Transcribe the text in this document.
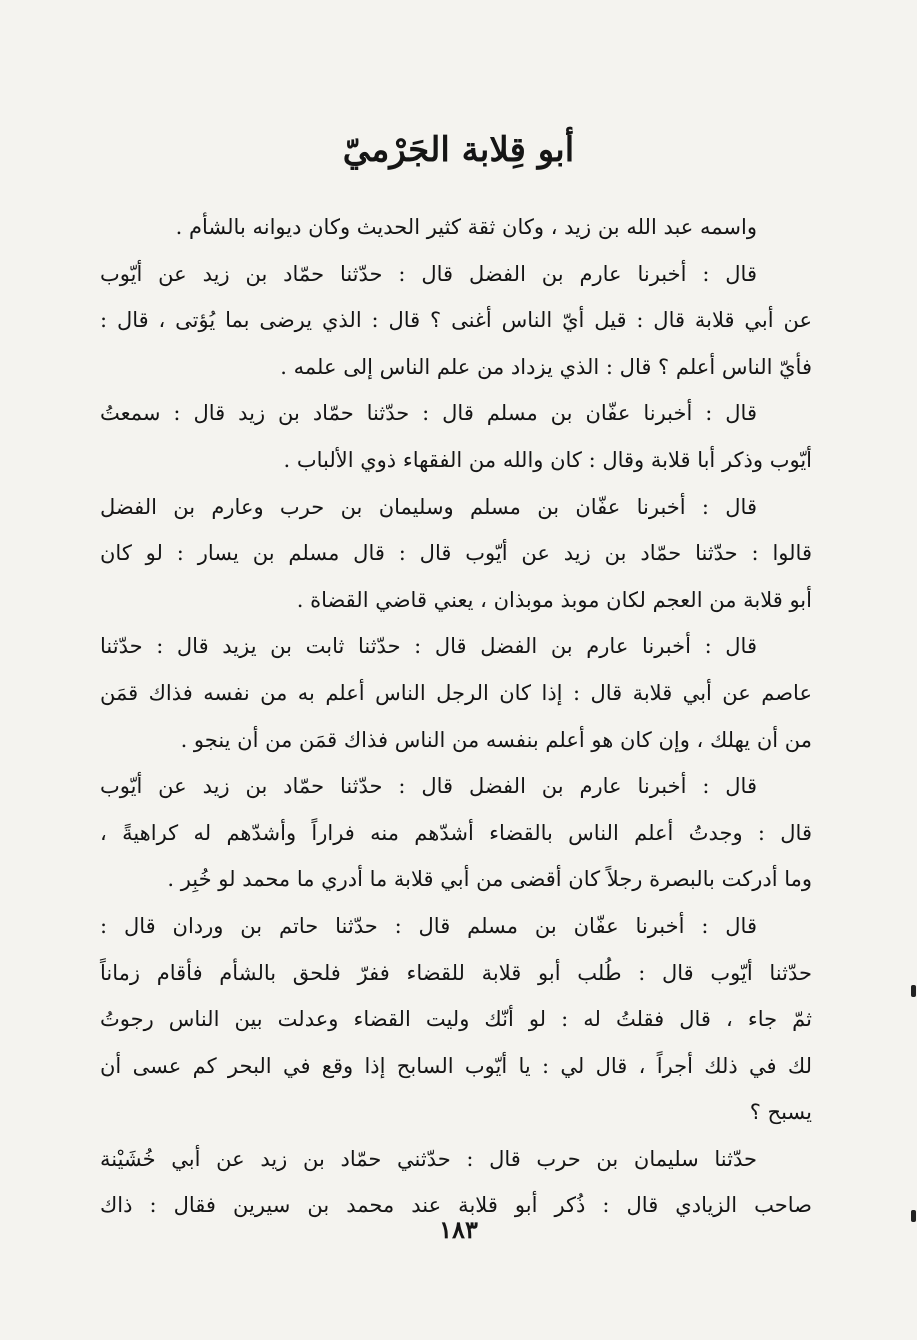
أبو قِلابة الجَرْميّ
واسمه عبد الله بن زيد ، وكان ثقة كثير الحديث وكان ديوانه بالشأم .
قال : أخبرنا عارم بن الفضل قال : حدّثنا حمّاد بن زيد عن أيّوب
عن أبي قلابة قال : قيل أيّ الناس أغنى ؟ قال : الذي يرضى بما يُؤتى ، قال :
فأيّ الناس أعلم ؟ قال : الذي يزداد من علم الناس إلى علمه .
قال : أخبرنا عفّان بن مسلم قال : حدّثنا حمّاد بن زيد قال : سمعتُ
أيّوب وذكر أبا قلابة وقال : كان والله من الفقهاء ذوي الألباب .
قال : أخبرنا عفّان بن مسلم وسليمان بن حرب وعارم بن الفضل
قالوا : حدّثنا حمّاد بن زيد عن أيّوب قال : قال مسلم بن يسار : لو كان
أبو قلابة من العجم لكان موبذ موبذان ، يعني قاضي القضاة .
قال : أخبرنا عارم بن الفضل قال : حدّثنا ثابت بن يزيد قال : حدّثنا
عاصم عن أبي قلابة قال : إذا كان الرجل الناس أعلم به من نفسه فذاك قمَن
من أن يهلك ، وإن كان هو أعلم بنفسه من الناس فذاك قمَن من أن ينجو .
قال : أخبرنا عارم بن الفضل قال : حدّثنا حمّاد بن زيد عن أيّوب
قال : وجدتُ أعلم الناس بالقضاء أشدّهم منه فراراً وأشدّهم له كراهيةً ،
وما أدركت بالبصرة رجلاً كان أقضى من أبي قلابة ما أدري ما محمد لو خُبِر .
قال : أخبرنا عفّان بن مسلم قال : حدّثنا حاتم بن وردان قال :
حدّثنا أيّوب قال : طُلب أبو قلابة للقضاء ففرّ فلحق بالشأم فأقام زماناً
ثمّ جاء ، قال فقلتُ له : لو أنّك وليت القضاء وعدلت بين الناس رجوتُ
لك في ذلك أجراً ، قال لي : يا أيّوب السابح إذا وقع في البحر كم عسى أن
يسبح ؟
حدّثنا سليمان بن حرب قال : حدّثني حمّاد بن زيد عن أبي خُشَيْنة
صاحب الزيادي قال : ذُكر أبو قلابة عند محمد بن سيرين فقال : ذاك
١٨٣
